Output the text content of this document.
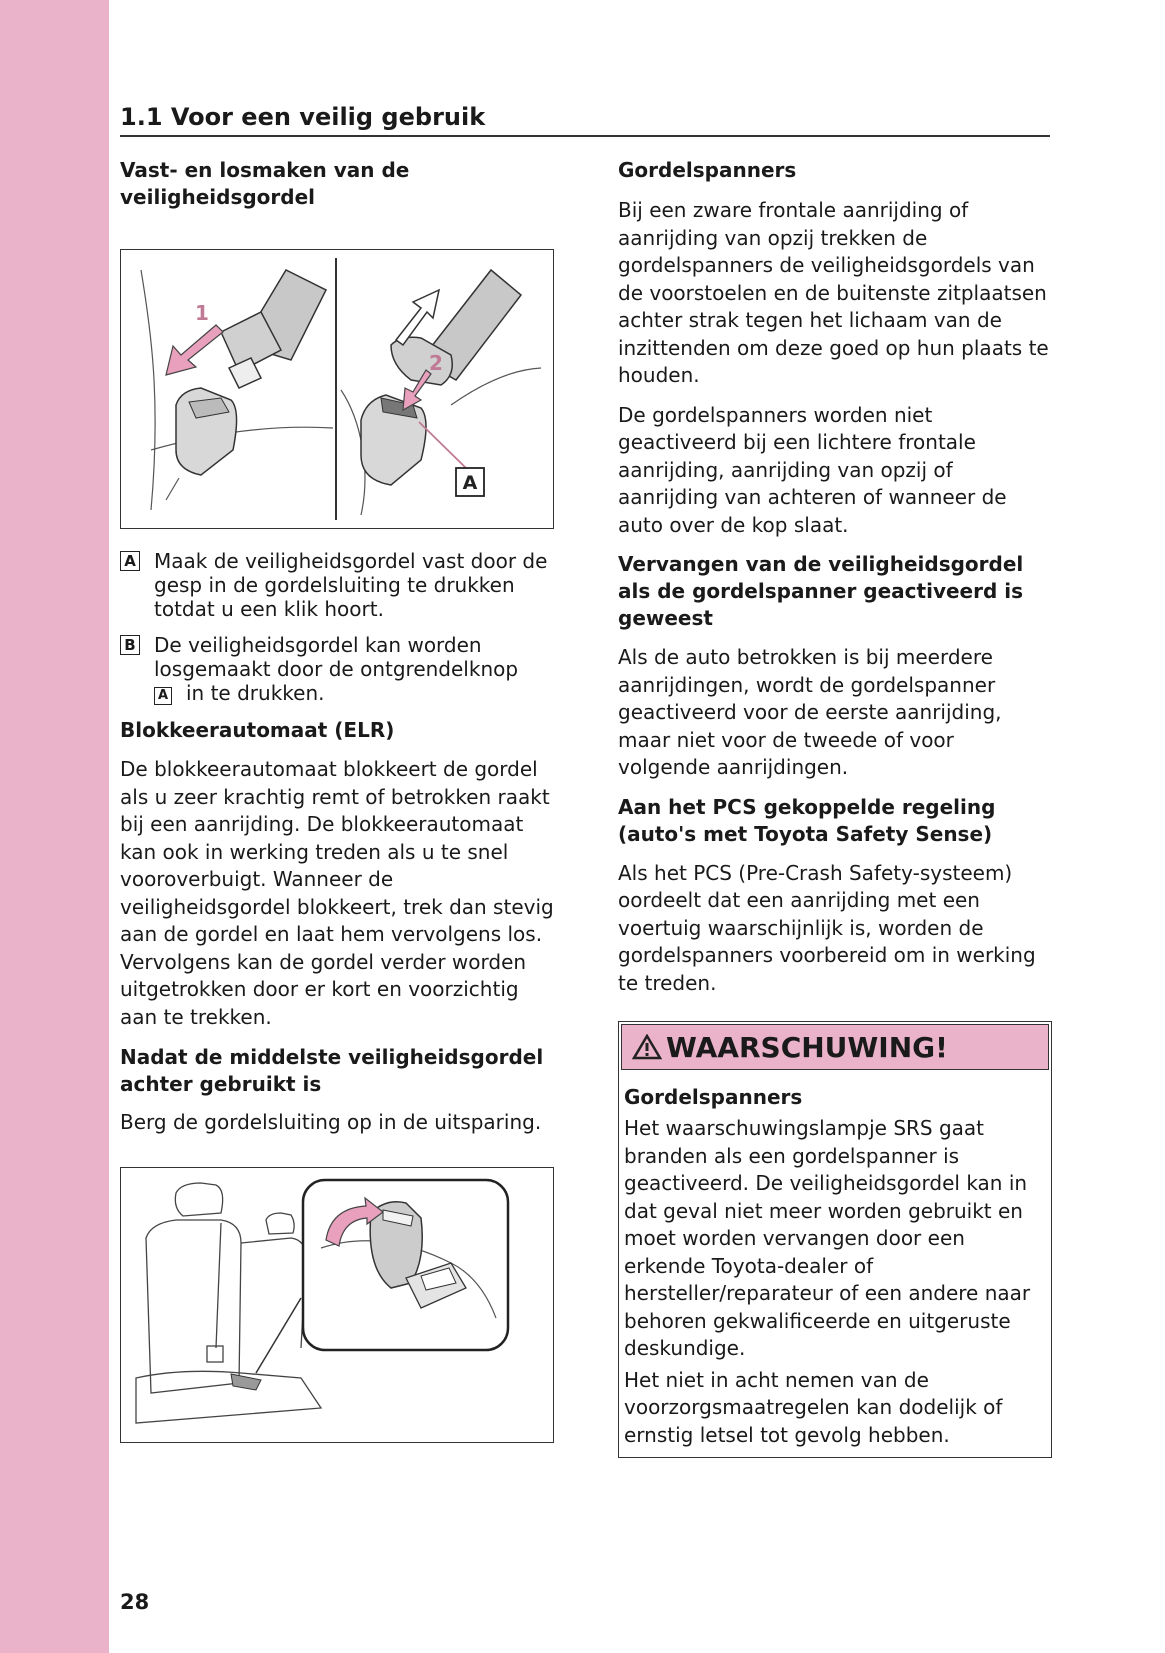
1.1 Voor een veilig gebruik
Vast- en losmaken van de veiligheidsgordel
1
2
A
A Maak de veiligheidsgordel vast door de gesp in de gordelsluiting te drukken totdat u een klik hoort.
B De veiligheidsgordel kan worden losgemaakt door de ontgrendelknop
A in te drukken.
Blokkeerautomaat (ELR)

De blokkeerautomaat blokkeert de gordel als u zeer krachtig remt of betrokken raakt bij een aanrijding. De blokkeerautomaat kan ook in werking treden als u te snel vooroverbuigt. Wanneer de veiligheidsgordel blokkeert, trek dan stevig aan de gordel en laat hem vervolgens los. Vervolgens kan de gordel verder worden uitgetrokken door er kort en voorzichtig aan te trekken.

Nadat de middelste veiligheidsgordel achter gebruikt is

Berg de gordelsluiting op in de uitsparing.

Gordelspanners

Bij een zware frontale aanrijding of aanrijding van opzij trekken de gordelspanners de veiligheidsgordels van de voorstoelen en de buitenste zitplaatsen achter strak tegen het lichaam van de inzittenden om deze goed op hun plaats te houden.

De gordelspanners worden niet geactiveerd bij een lichtere frontale aanrijding, aanrijding van opzij of aanrijding van achteren of wanneer de auto over de kop slaat.

Vervangen van de veiligheidsgordel als de gordelspanner geactiveerd is geweest

Als de auto betrokken is bij meerdere aanrijdingen, wordt de gordelspanner geactiveerd voor de eerste aanrijding, maar niet voor de tweede of voor volgende aanrijdingen.

Aan het PCS gekoppelde regeling (auto's met Toyota Safety Sense)

Als het PCS (Pre-Crash Safety-systeem) oordeelt dat een aanrijding met een voertuig waarschijnlijk is, worden de gordelspanners voorbereid om in werking te treden.

WAARSCHUWING!
Gordelspanners

Het waarschuwingslampje SRS gaat branden als een gordelspanner is geactiveerd. De veiligheidsgordel kan in dat geval niet meer worden gebruikt en moet worden vervangen door een erkende Toyota-dealer of hersteller/reparateur of een andere naar behoren gekwalificeerde en uitgeruste deskundige.

Het niet in acht nemen van de voorzorgsmaatregelen kan dodelijk of ernstig letsel tot gevolg hebben.

28
